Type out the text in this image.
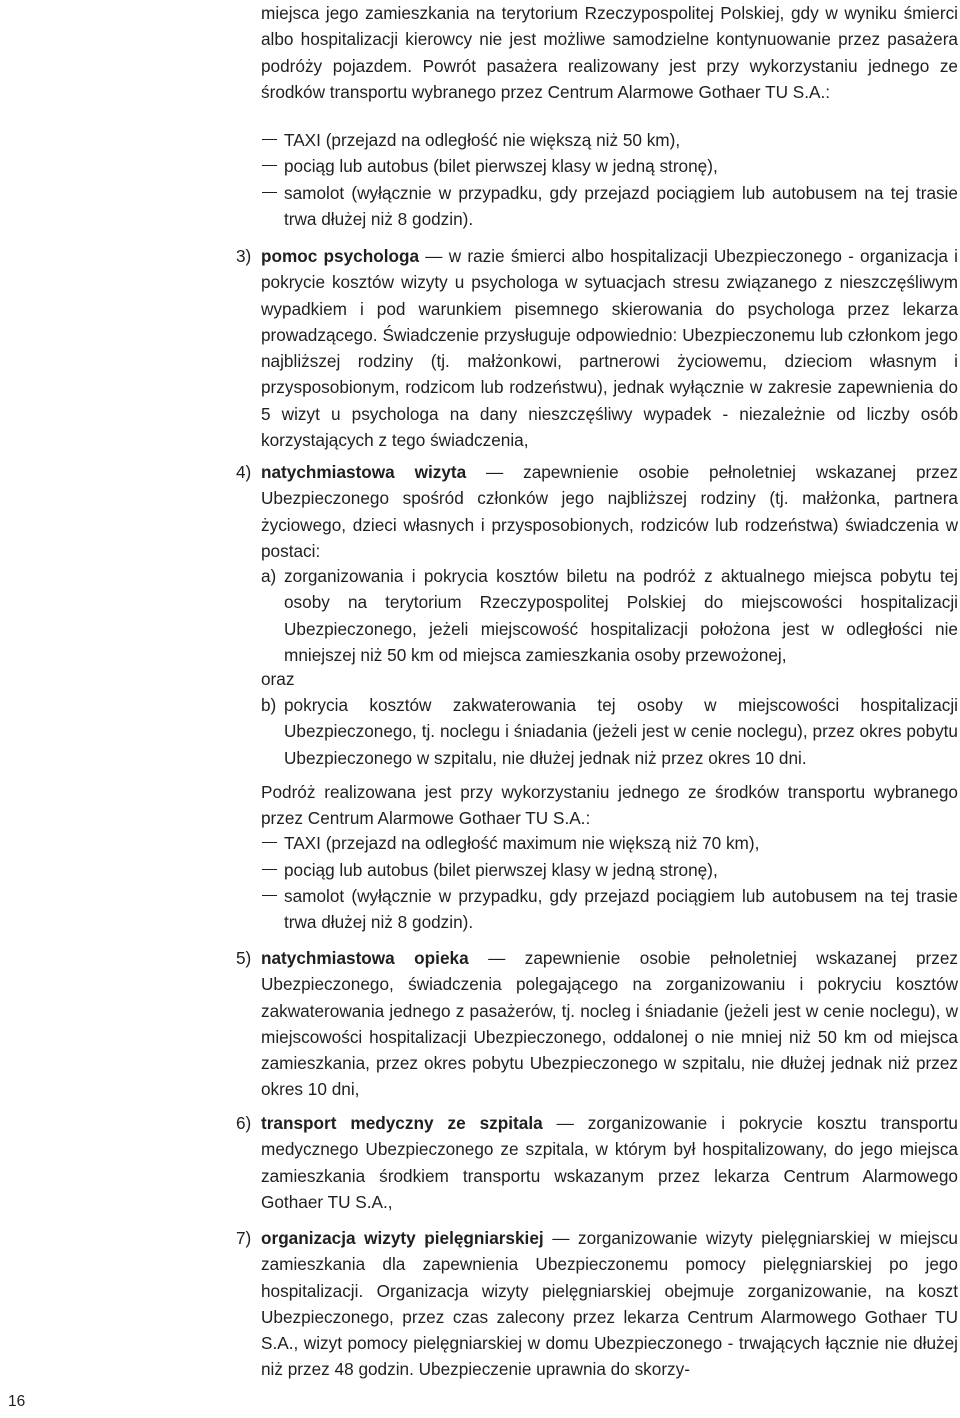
miejsca jego zamieszkania na terytorium Rzeczypospolitej Polskiej, gdy w wyniku śmierci albo hospitalizacji kierowcy nie jest możliwe samodzielne kontynuowanie przez pasażera podróży pojazdem. Powrót pasażera realizowany jest przy wykorzystaniu jednego ze środków transportu wybranego przez Centrum Alarmowe Gothaer TU S.A.:

TAXI (przejazd na odległość nie większą niż 50 km),

pociąg lub autobus (bilet pierwszej klasy w jedną stronę),

samolot (wyłącznie w przypadku, gdy przejazd pociągiem lub autobusem na tej trasie trwa dłużej niż 8 godzin).

3) pomoc psychologa — w razie śmierci albo hospitalizacji Ubezpieczonego - organizacja i pokrycie kosztów wizyty u psychologa w sytuacjach stresu związanego z nieszczęśliwym wypadkiem i pod warunkiem pisemnego skierowania do psychologa przez lekarza prowadzącego. Świadczenie przysługuje odpowiednio: Ubezpieczonemu lub członkom jego najbliższej rodziny (tj. małżonkowi, partnerowi życiowemu, dzieciom własnym i przysposobionym, rodzicom lub rodzeństwu), jednak wyłącznie w zakresie zapewnienia do 5 wizyt u psychologa na dany nieszczęśliwy wypadek - niezależnie od liczby osób korzystających z tego świadczenia,

4) natychmiastowa wizyta — zapewnienie osobie pełnoletniej wskazanej przez Ubezpieczonego spośród członków jego najbliższej rodziny (tj. małżonka, partnera życiowego, dzieci własnych i przysposobionych, rodziców lub rodzeństwa) świadczenia w postaci:

a) zorganizowania i pokrycia kosztów biletu na podróż z aktualnego miejsca pobytu tej osoby na terytorium Rzeczypospolitej Polskiej do miejscowości hospitalizacji Ubezpieczonego, jeżeli miejscowość hospitalizacji położona jest w odległości nie mniejszej niż 50 km od miejsca zamieszkania osoby przewożonej,

oraz

b) pokrycia kosztów zakwaterowania tej osoby w miejscowości hospitalizacji Ubezpieczonego, tj. noclegu i śniadania (jeżeli jest w cenie noclegu), przez okres pobytu Ubezpieczonego w szpitalu, nie dłużej jednak niż przez okres 10 dni.

Podróż realizowana jest przy wykorzystaniu jednego ze środków transportu wybranego przez Centrum Alarmowe Gothaer TU S.A.:

TAXI (przejazd na odległość maximum nie większą niż 70 km),

pociąg lub autobus (bilet pierwszej klasy w jedną stronę),

samolot (wyłącznie w przypadku, gdy przejazd pociągiem lub autobusem na tej trasie trwa dłużej niż 8 godzin).

5) natychmiastowa opieka — zapewnienie osobie pełnoletniej wskazanej przez Ubezpieczonego, świadczenia polegającego na zorganizowaniu i pokryciu kosztów zakwaterowania jednego z pasażerów, tj. nocleg i śniadanie (jeżeli jest w cenie noclegu), w miejscowości hospitalizacji Ubezpieczonego, oddalonej o nie mniej niż 50 km od miejsca zamieszkania, przez okres pobytu Ubezpieczonego w szpitalu, nie dłużej jednak niż przez okres 10 dni,

6) transport medyczny ze szpitala — zorganizowanie i pokrycie kosztu transportu medycznego Ubezpieczonego ze szpitala, w którym był hospitalizowany, do jego miejsca zamieszkania środkiem transportu wskazanym przez lekarza Centrum Alarmowego Gothaer TU S.A.,

7) organizacja wizyty pielęgniarskiej — zorganizowanie wizyty pielęgniarskiej w miejscu zamieszkania dla zapewnienia Ubezpieczonemu pomocy pielęgniarskiej po jego hospitalizacji. Organizacja wizyty pielęgniarskiej obejmuje zorganizowanie, na koszt Ubezpieczonego, przez czas zalecony przez lekarza Centrum Alarmowego Gothaer TU S.A., wizyt pomocy pielęgniarskiej w domu Ubezpieczonego - trwających łącznie nie dłużej niż przez 48 godzin. Ubezpieczenie uprawnia do skorzy-

16
